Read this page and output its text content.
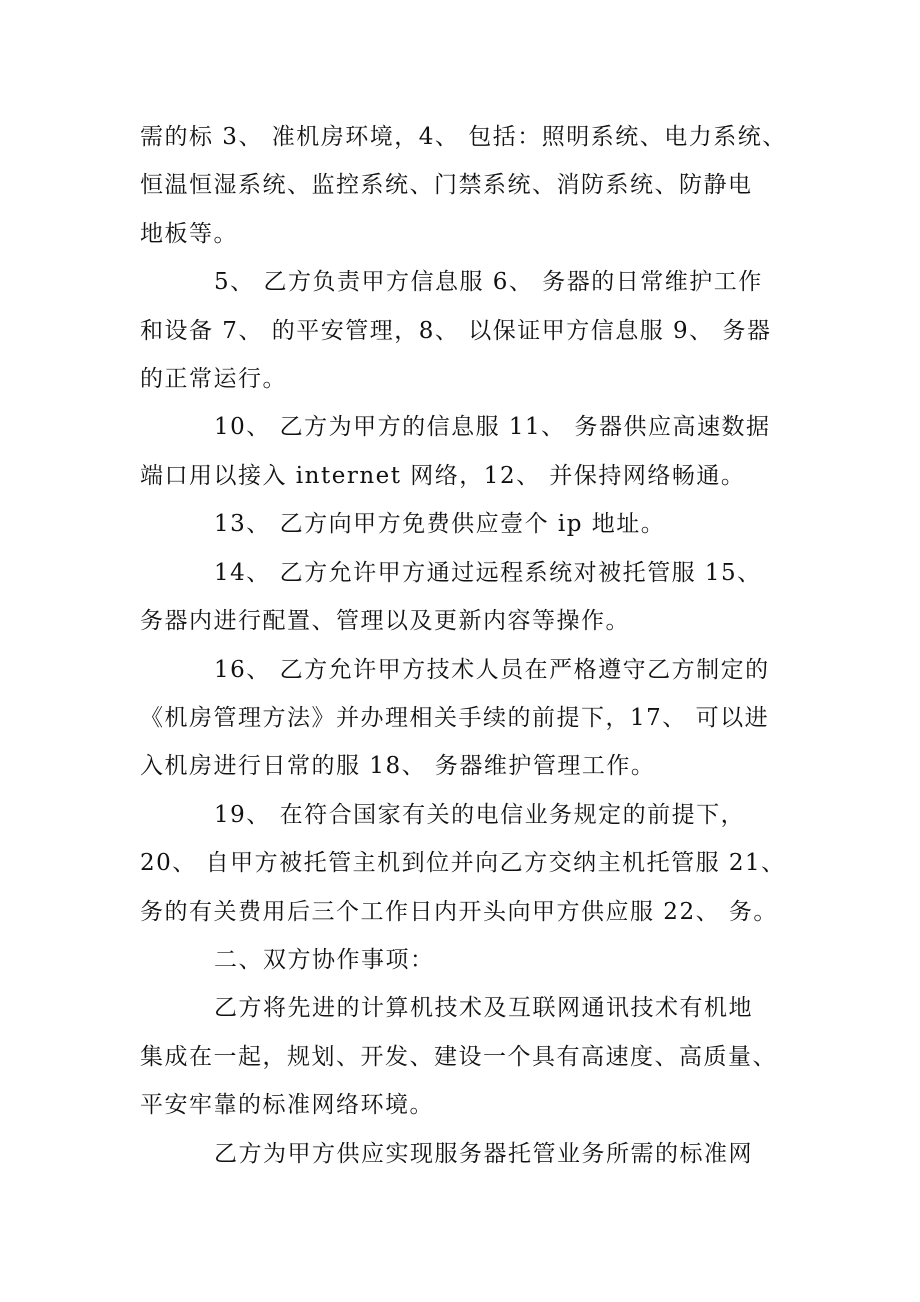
需的标 3、 准机房环境，4、 包括：照明系统、电力系统、
恒温恒湿系统、监控系统、门禁系统、消防系统、防静电
地板等。
5、 乙方负责甲方信息服 6、 务器的日常维护工作
和设备 7、 的平安管理，8、 以保证甲方信息服 9、 务器
的正常运行。
10、 乙方为甲方的信息服 11、 务器供应高速数据
端口用以接入 internet 网络，12、 并保持网络畅通。
13、 乙方向甲方免费供应壹个 ip 地址。
14、 乙方允许甲方通过远程系统对被托管服 15、
务器内进行配置、管理以及更新内容等操作。
16、 乙方允许甲方技术人员在严格遵守乙方制定的
《机房管理方法》并办理相关手续的前提下，17、 可以进
入机房进行日常的服 18、 务器维护管理工作。
19、 在符合国家有关的电信业务规定的前提下，
20、 自甲方被托管主机到位并向乙方交纳主机托管服 21、
务的有关费用后三个工作日内开头向甲方供应服 22、 务。
二、双方协作事项：
乙方将先进的计算机技术及互联网通讯技术有机地
集成在一起，规划、开发、建设一个具有高速度、高质量、
平安牢靠的标准网络环境。
乙方为甲方供应实现服务器托管业务所需的标准网
